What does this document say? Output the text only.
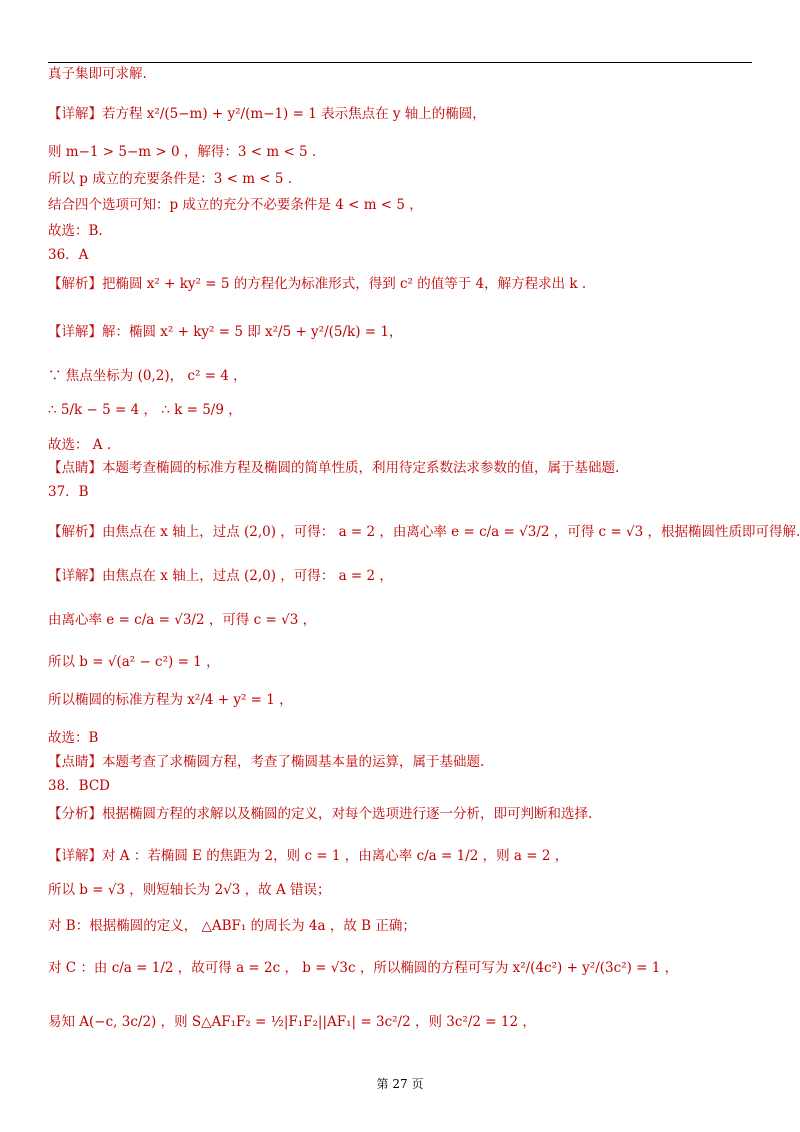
真子集即可求解.
【详解】若方程 x²/(5−m) + y²/(m−1) = 1 表示焦点在 y 轴上的椭圆，
则 m−1 > 5−m > 0 ，解得：3 < m < 5 .
所以 p 成立的充要条件是：3 < m < 5 .
结合四个选项可知：p 成立的充分不必要条件是 4 < m < 5 ，
故选：B.
36．A
【解析】把椭圆 x² + ky² = 5 的方程化为标准形式，得到 c² 的值等于 4，解方程求出 k .
【详解】解：椭圆 x² + ky² = 5 即 x²/5 + y²/(5/k) = 1，
∵ 焦点坐标为 (0,2)， c² = 4 ，
∴ 5/k − 5 = 4 ， ∴ k = 5/9 ，
故选： A .
【点睛】本题考查椭圆的标准方程及椭圆的简单性质，利用待定系数法求参数的值，属于基础题.
37．B
【解析】由焦点在 x 轴上，过点 (2,0) ，可得： a = 2 ，由离心率 e = c/a = √3/2 ，可得 c = √3 ，根据椭圆性质即可得解.
【详解】由焦点在 x 轴上，过点 (2,0) ，可得： a = 2 ，
由离心率 e = c/a = √3/2 ，可得 c = √3 ，
所以 b = √(a² − c²) = 1 ，
所以椭圆的标准方程为 x²/4 + y² = 1 ，
故选：B
【点睛】本题考查了求椭圆方程，考查了椭圆基本量的运算，属于基础题.
38．BCD
【分析】根据椭圆方程的求解以及椭圆的定义，对每个选项进行逐一分析，即可判断和选择.
【详解】对 A ：若椭圆 E 的焦距为 2，则 c = 1 ，由离心率 c/a = 1/2 ，则 a = 2 ，
所以 b = √3 ，则短轴长为 2√3 ，故 A 错误；
对 B：根据椭圆的定义， △ABF₁ 的周长为 4a ，故 B 正确；
对 C ：由 c/a = 1/2 ，故可得 a = 2c ， b = √3c ，所以椭圆的方程可写为 x²/(4c²) + y²/(3c²) = 1 ，
易知 A(−c, 3c/2) ，则 S△AF₁F₂ = ½|F₁F₂||AF₁| = 3c²/2 ，则 3c²/2 = 12 ，
第 27 页
